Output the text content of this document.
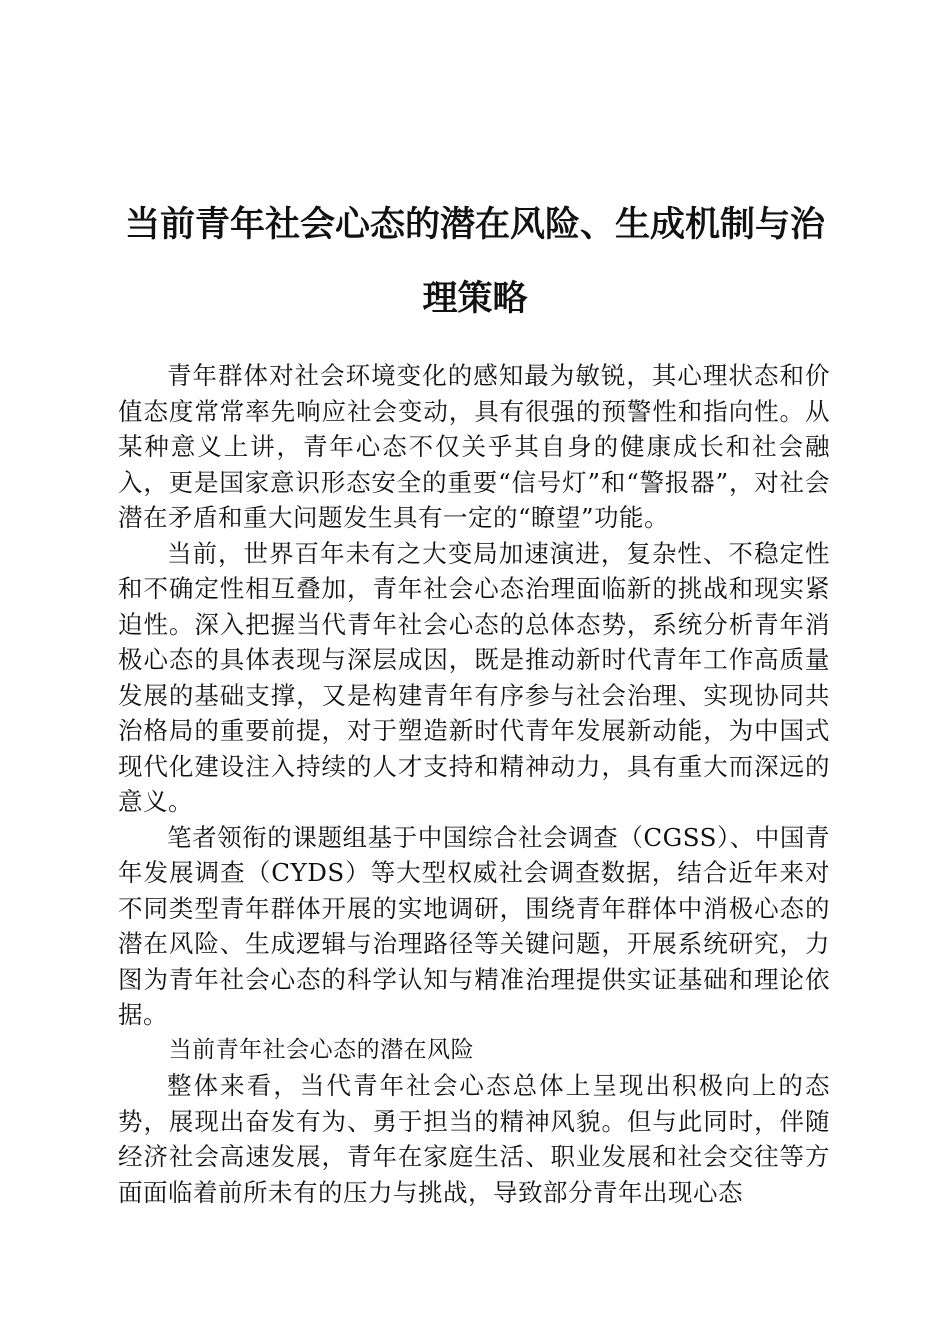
当前青年社会心态的潜在风险、生成机制与治
理策略

青年群体对社会环境变化的感知最为敏锐，其心理状态和价值态度常常率先响应社会变动，具有很强的预警性和指向性。从某种意义上讲，青年心态不仅关乎其自身的健康成长和社会融入，更是国家意识形态安全的重要“信号灯”和“警报器”，对社会潜在矛盾和重大问题发生具有一定的“瞭望”功能。

当前，世界百年未有之大变局加速演进，复杂性、不稳定性和不确定性相互叠加，青年社会心态治理面临新的挑战和现实紧迫性。深入把握当代青年社会心态的总体态势，系统分析青年消极心态的具体表现与深层成因，既是推动新时代青年工作高质量发展的基础支撑，又是构建青年有序参与社会治理、实现协同共治格局的重要前提，对于塑造新时代青年发展新动能，为中国式现代化建设注入持续的人才支持和精神动力，具有重大而深远的意义。

笔者领衔的课题组基于中国综合社会调查（CGSS）、中国青年发展调查（CYDS）等大型权威社会调查数据，结合近年来对不同类型青年群体开展的实地调研，围绕青年群体中消极心态的潜在风险、生成逻辑与治理路径等关键问题，开展系统研究，力图为青年社会心态的科学认知与精准治理提供实证基础和理论依据。

当前青年社会心态的潜在风险

整体来看，当代青年社会心态总体上呈现出积极向上的态势，展现出奋发有为、勇于担当的精神风貌。但与此同时，伴随经济社会高速发展，青年在家庭生活、职业发展和社会交往等方面面临着前所未有的压力与挑战，导致部分青年出现心态
